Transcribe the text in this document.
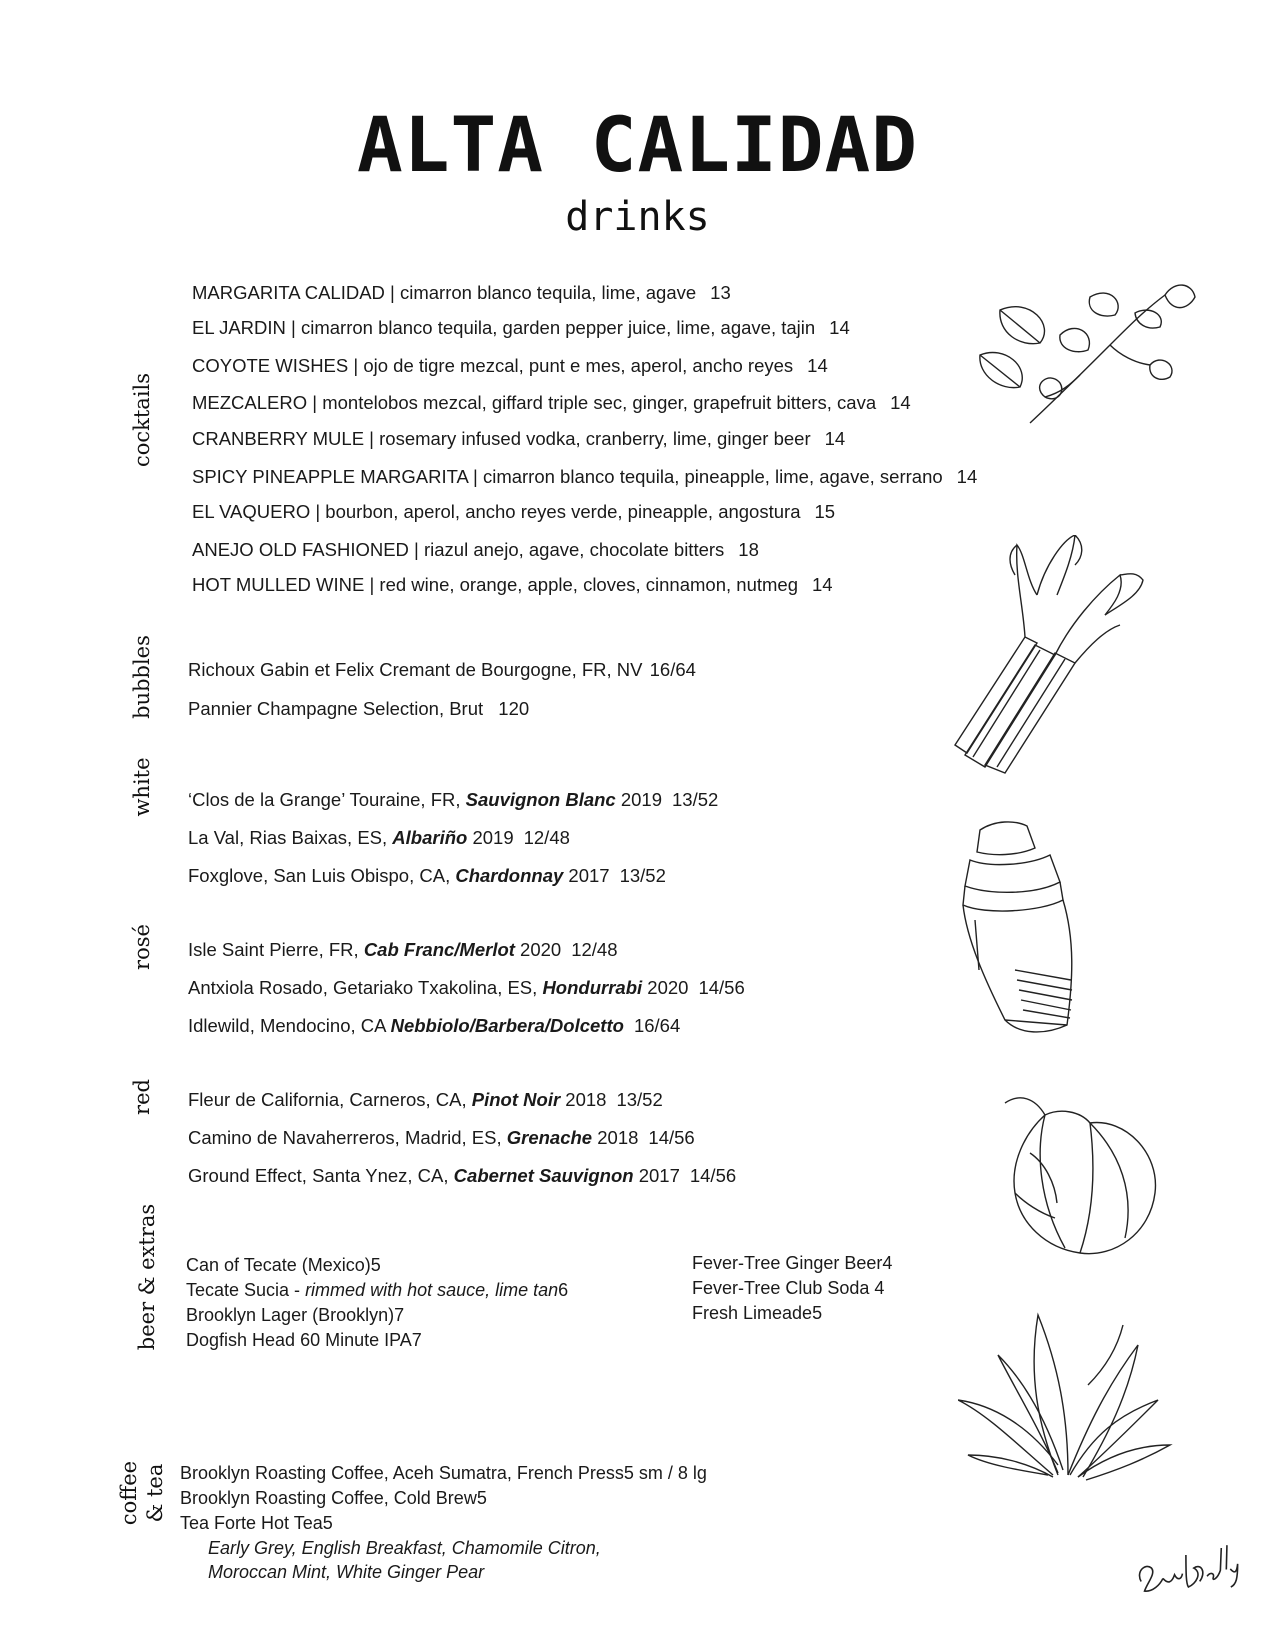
ALTA CALIDAD
drinks
cocktails
bubbles
white
rosé
red
beer & extras
coffee & tea
MARGARITA CALIDAD | cimarron blanco tequila, lime, agave 13
EL JARDIN | cimarron blanco tequila, garden pepper juice, lime, agave, tajin 14
COYOTE WISHES | ojo de tigre mezcal, punt e mes, aperol, ancho reyes 14
MEZCALERO | montelobos mezcal, giffard triple sec, ginger, grapefruit bitters, cava 14
CRANBERRY MULE | rosemary infused vodka, cranberry, lime, ginger beer 14
SPICY PINEAPPLE MARGARITA | cimarron blanco tequila, pineapple, lime, agave, serrano 14
EL VAQUERO | bourbon, aperol, ancho reyes verde, pineapple, angostura 15
ANEJO OLD FASHIONED | riazul anejo, agave, chocolate bitters 18
HOT MULLED WINE | red wine, orange, apple, cloves, cinnamon, nutmeg 14
Richoux Gabin et Felix Cremant de Bourgogne, FR, NV 16/64
Pannier Champagne Selection, Brut 120
‘Clos de la Grange’ Touraine, FR, Sauvignon Blanc 2019 13/52
La Val, Rias Baixas, ES, Albariño 2019 12/48
Foxglove, San Luis Obispo, CA, Chardonnay 2017 13/52
Isle Saint Pierre, FR, Cab Franc/Merlot 2020 12/48
Antxiola Rosado, Getariako Txakolina, ES, Hondurrabi 2020 14/56
Idlewild, Mendocino, CA Nebbiolo/Barbera/Dolcetto 16/64
Fleur de California, Carneros, CA, Pinot Noir 2018 13/52
Camino de Navaherreros, Madrid, ES, Grenache 2018 14/56
Ground Effect, Santa Ynez, CA, Cabernet Sauvignon 2017 14/56
Can of Tecate (Mexico)5
Tecate Sucia - rimmed with hot sauce, lime tan6
Brooklyn Lager (Brooklyn)7
Dogfish Head 60 Minute IPA7
Fever-Tree Ginger Beer4
Fever-Tree Club Soda 4
Fresh Limeade5
Brooklyn Roasting Coffee, Aceh Sumatra, French Press5 sm / 8 lg
Brooklyn Roasting Coffee, Cold Brew5
Tea Forte Hot Tea5
Early Grey, English Breakfast, Chamomile Citron,
Moroccan Mint, White Ginger Pear
